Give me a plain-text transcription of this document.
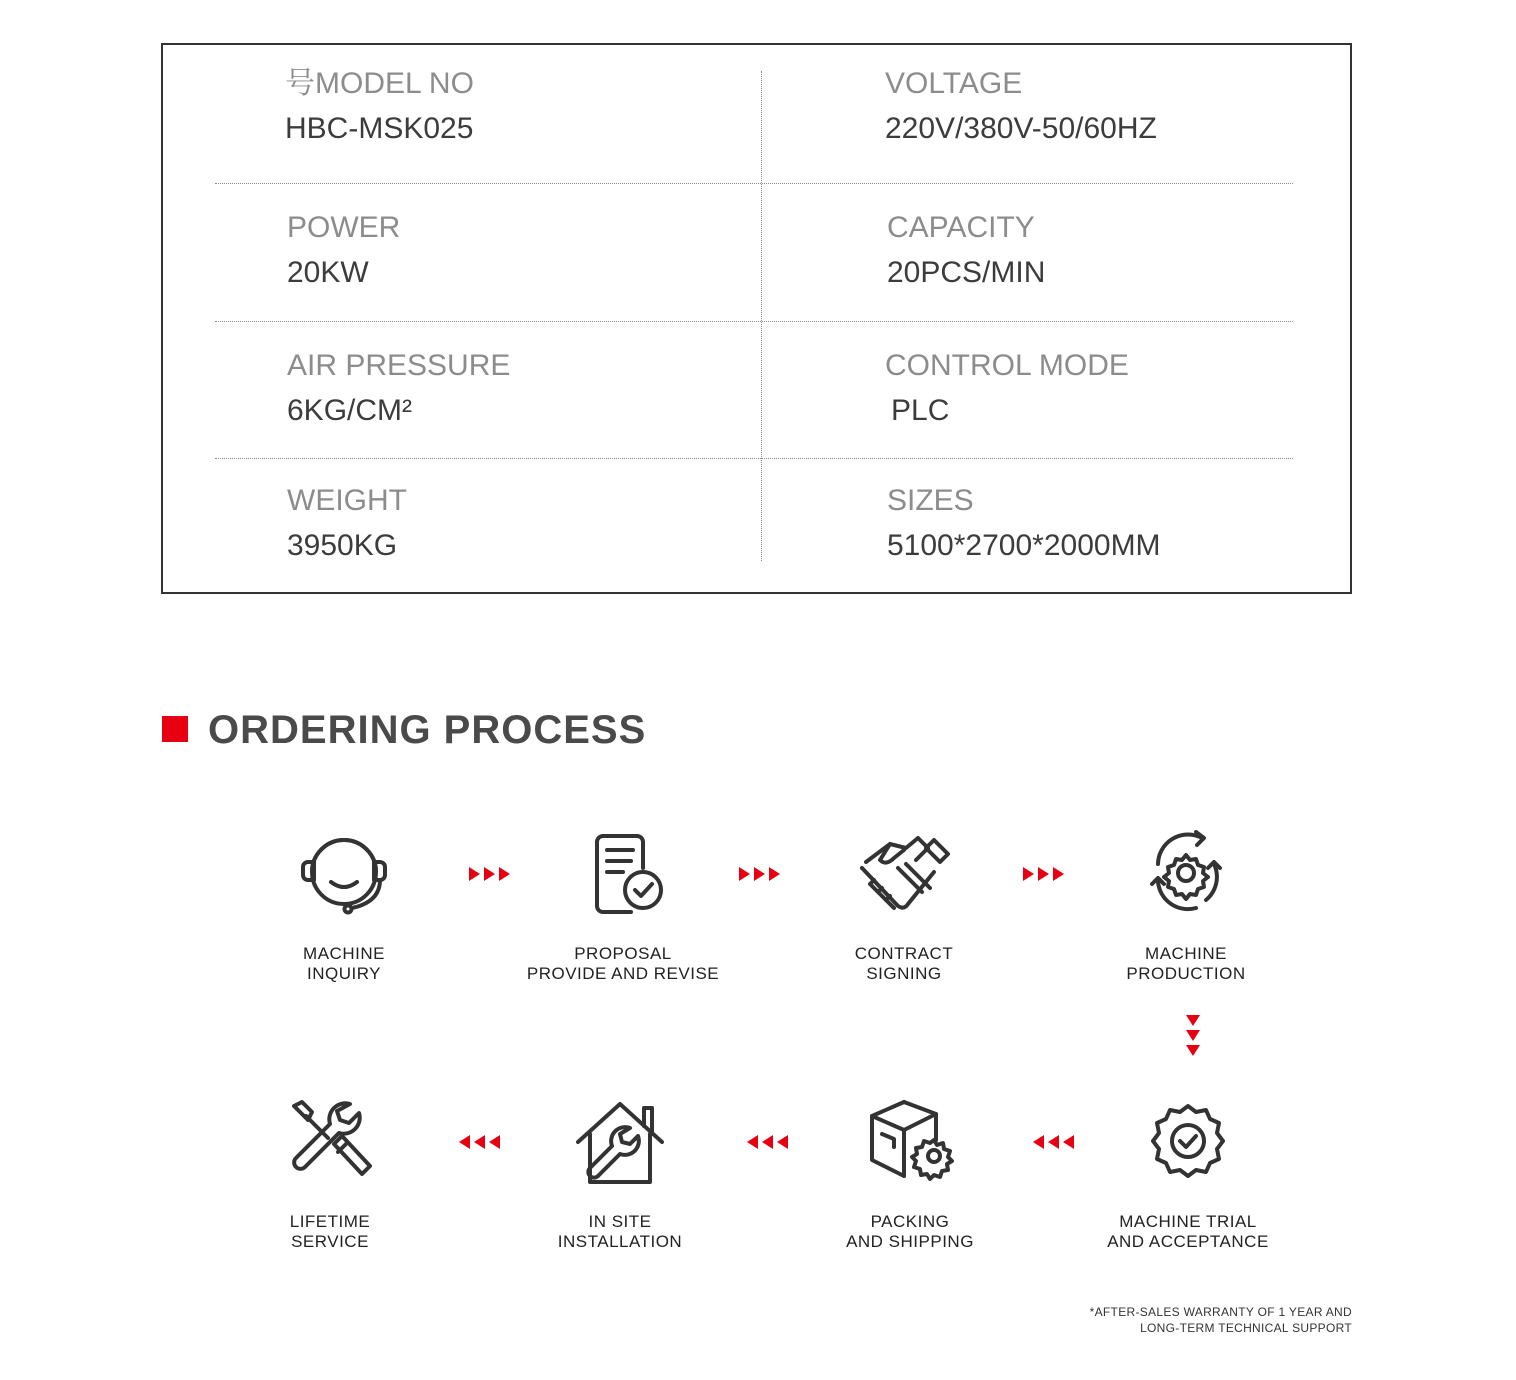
号MODEL NO
HBC-MSK025
VOLTAGE
220V/380V-50/60HZ
POWER
20KW
CAPACITY
20PCS/MIN
AIR PRESSURE
6KG/CM²
CONTROL MODE
PLC
WEIGHT
3950KG
SIZES
5100*2700*2000MM
ORDERING PROCESS
MACHINE
INQUIRY
PROPOSAL
PROVIDE AND REVISE
CONTRACT
SIGNING
MACHINE
PRODUCTION
MACHINE TRIAL
AND ACCEPTANCE
PACKING
AND SHIPPING
IN SITE
INSTALLATION
LIFETIME
SERVICE
*AFTER-SALES WARRANTY OF 1 YEAR AND
LONG-TERM TECHNICAL SUPPORT
